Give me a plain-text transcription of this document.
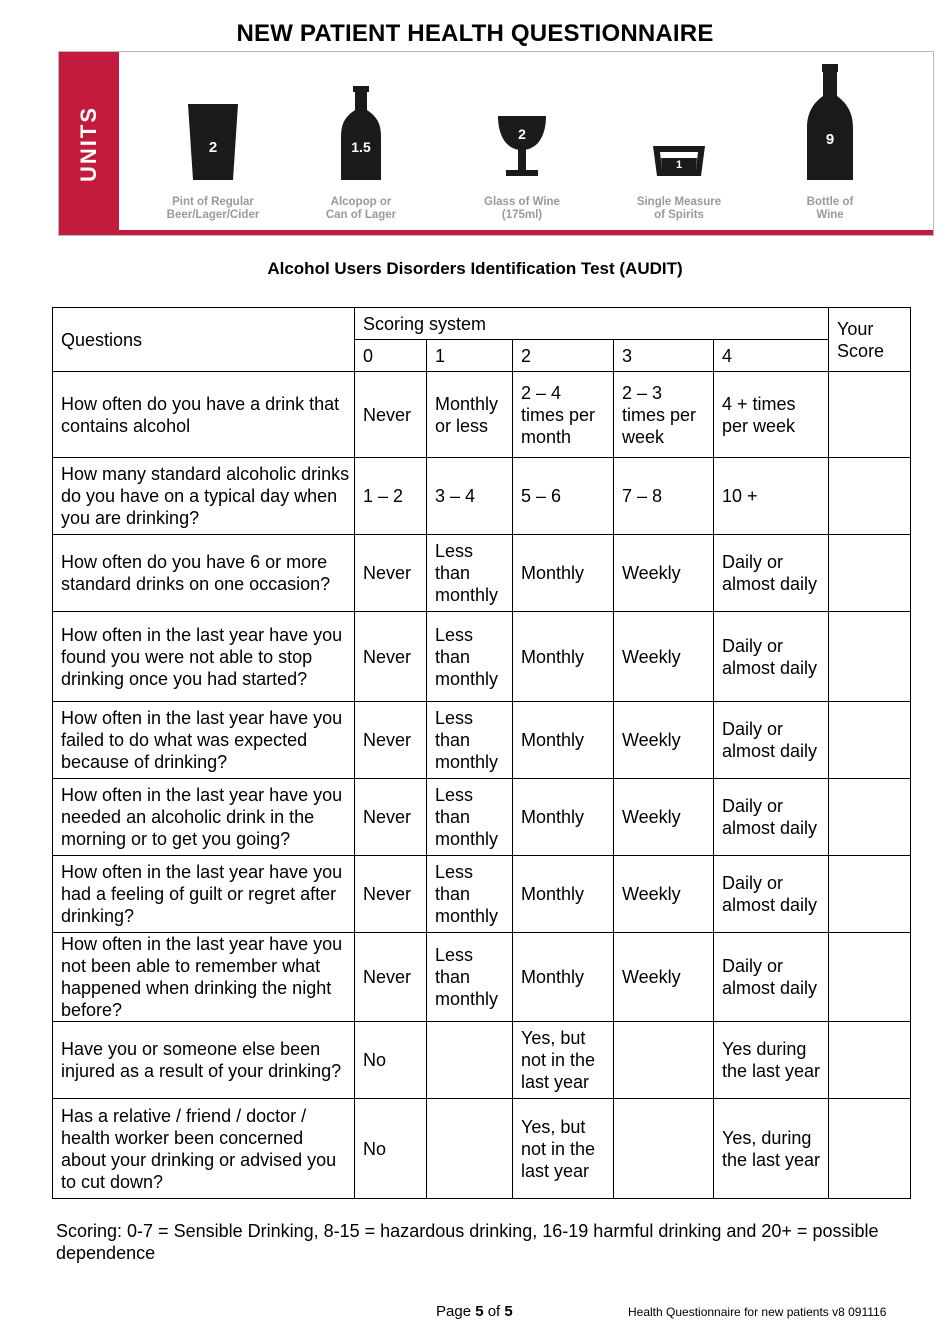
NEW PATIENT HEALTH QUESTIONNAIRE
UNITS	2
Pint of Regular
Beer/Lager/Cider
1.5
Alcopop or
Can of Lager
2
Glass of Wine
(175ml)
1
Single Measure
of Spirits
9
Bottle of
Wine
Alcohol Users Disorders Identification Test (AUDIT)
Questions	Scoring system					Your
Score

	0	1	2	3	4	
How often do you have a drink that contains alcohol	Never	Monthly or less	2 – 4 times per month	2 – 3 times per week	4 + times per week	
How many standard alcoholic drinks do you have on a typical day when you are drinking?	1 – 2	3 – 4	5 – 6	7 – 8	10 +	
How often do you have 6 or more standard drinks on one occasion?	Never	Less than monthly	Monthly	Weekly	Daily or almost daily	
How often in the last year have you found you were not able to stop drinking once you had started?	Never	Less than monthly	Monthly	Weekly	Daily or almost daily	
How often in the last year have you failed to do what was expected because of drinking?	Never	Less than monthly	Monthly	Weekly	Daily or almost daily	
How often in the last year have you needed an alcoholic drink in the morning or to get you going?	Never	Less than monthly	Monthly	Weekly	Daily or almost daily	
How often in the last year have you had a feeling of guilt or regret after drinking?	Never	Less than monthly	Monthly	Weekly	Daily or almost daily	
How often in the last year have you not been able to remember what happened when drinking the night before?	Never	Less than monthly	Monthly	Weekly	Daily or almost daily	
Have you or someone else been injured as a result of your drinking?	No		Yes, but not in the last year		Yes during the last year	
Has a relative / friend / doctor / health worker been concerned about your drinking or advised you to cut down?	No		Yes, but not in the last year		Yes, during the last year	
Scoring: 0-7 = Sensible Drinking, 8-15 = hazardous drinking, 16-19 harmful drinking and 20+ = possible dependence
Page 5 of 5	Health Questionnaire for new patients v8 091116
